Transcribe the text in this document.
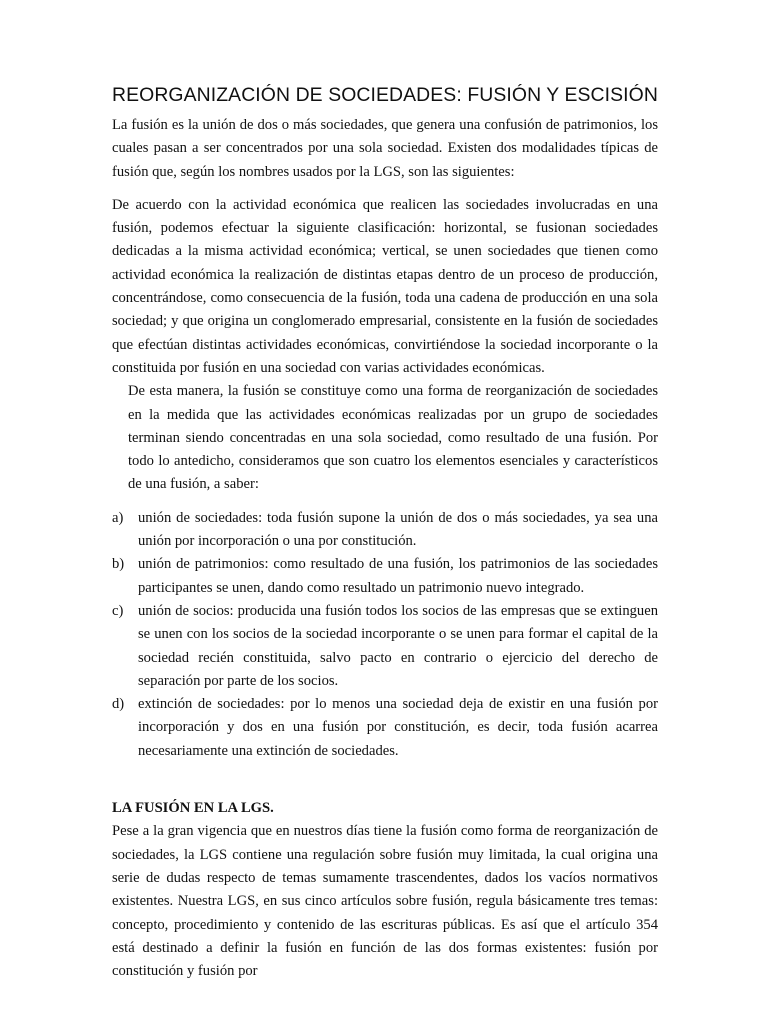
REORGANIZACIÓN DE SOCIEDADES: FUSIÓN Y ESCISIÓN

La fusión es la unión de dos o más sociedades, que genera una confusión de patrimonios, los cuales pasan a ser concentrados por una sola sociedad. Existen dos modalidades típicas de fusión que, según los nombres usados por la LGS, son las siguientes:

De acuerdo con la actividad económica que realicen las sociedades involucradas en una fusión, podemos efectuar la siguiente clasificación: horizontal, se fusionan sociedades dedicadas a la misma actividad económica; vertical, se unen sociedades que tienen como actividad económica la realización de distintas etapas dentro de un proceso de producción, concentrándose, como consecuencia de la fusión, toda una cadena de producción en una sola sociedad; y que origina un conglomerado empresarial, consistente en la fusión de sociedades que efectúan distintas actividades económicas, convirtiéndose la sociedad incorporante o la constituida por fusión en una sociedad con varias actividades económicas.

De esta manera, la fusión se constituye como una forma de reorganización de sociedades en la medida que las actividades económicas realizadas por un grupo de sociedades terminan siendo concentradas en una sola sociedad, como resultado de una fusión. Por todo lo antedicho, consideramos que son cuatro los elementos esenciales y característicos de una fusión, a saber:

a) unión de sociedades: toda fusión supone la unión de dos o más sociedades, ya sea una unión por incorporación o una por constitución.
b) unión de patrimonios: como resultado de una fusión, los patrimonios de las sociedades participantes se unen, dando como resultado un patrimonio nuevo integrado.
c) unión de socios: producida una fusión todos los socios de las empresas que se extinguen se unen con los socios de la sociedad incorporante o se unen para formar el capital de la sociedad recién constituida, salvo pacto en contrario o ejercicio del derecho de separación por parte de los socios.
d) extinción de sociedades: por lo menos una sociedad deja de existir en una fusión por incorporación y dos en una fusión por constitución, es decir, toda fusión acarrea necesariamente una extinción de sociedades.
LA FUSIÓN EN LA LGS.

Pese a la gran vigencia que en nuestros días tiene la fusión como forma de reorganización de sociedades, la LGS contiene una regulación sobre fusión muy limitada, la cual origina una serie de dudas respecto de temas sumamente trascendentes, dados los vacíos normativos existentes. Nuestra LGS, en sus cinco artículos sobre fusión, regula básicamente tres temas: concepto, procedimiento y contenido de las escrituras públicas. Es así que el artículo 354 está destinado a definir la fusión en función de las dos formas existentes: fusión por constitución y fusión por
